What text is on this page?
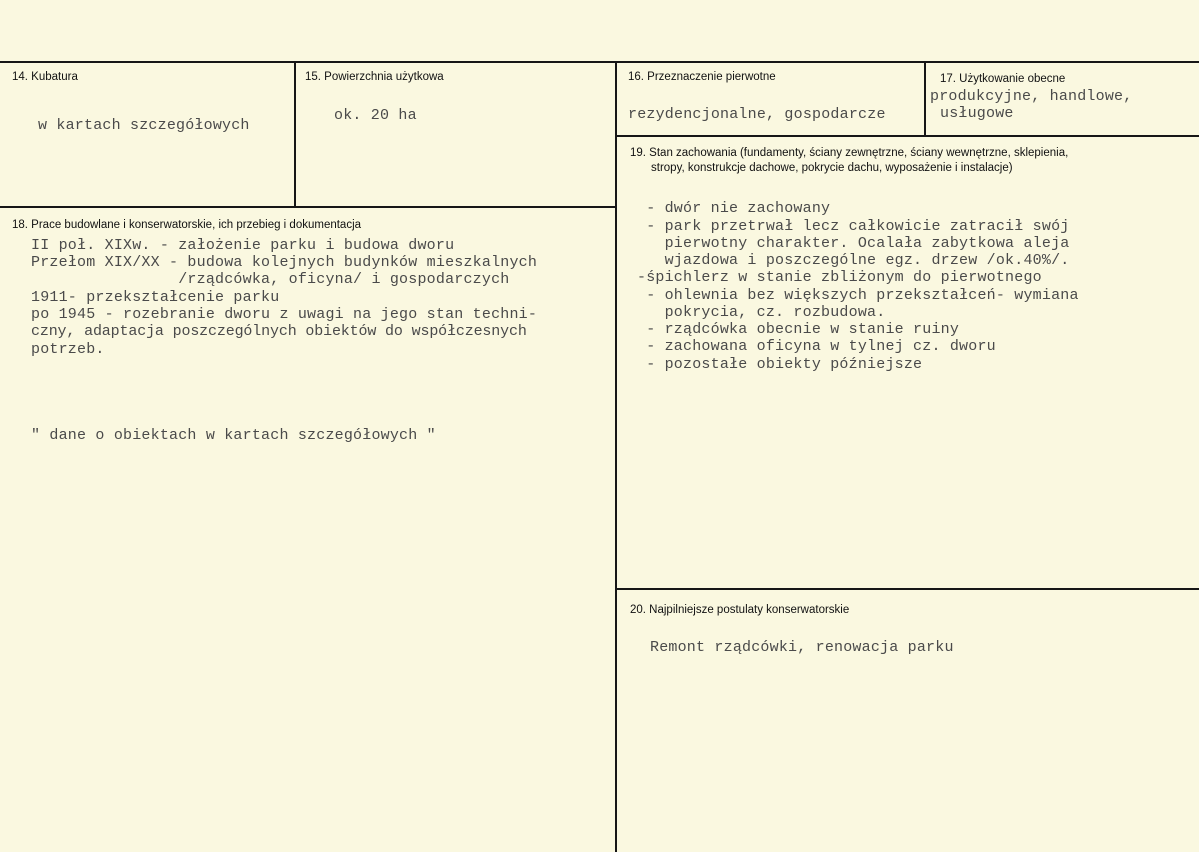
14. Kubatura
w kartach szczegółowych
15. Powierzchnia użytkowa
ok. 20 ha
16. Przeznaczenie pierwotne
rezydencjonalne, gospodarcze
17. Użytkowanie obecne
produkcyjne, handlowe,
usługowe
18. Prace budowlane i konserwatorskie, ich przebieg i dokumentacja
II poł. XIXw. - założenie parku i budowa dworu
Przełom XIX/XX - budowa kolejnych budynków mieszkalnych
/rządcówka, oficyna/ i gospodarczych
1911- przekształcenie parku
po 1945 - rozebranie dworu z uwagi na jego stan techni-
czny, adaptacja poszczególnych obiektów do współczesnych
potrzeb.
" dane o obiektach w kartach szczegółowych "
19. Stan zachowania (fundamenty, ściany zewnętrzne, ściany wewnętrzne, sklepienia,
stropy, konstrukcje dachowe, pokrycie dachu, wyposażenie i instalacje)
- dwór nie zachowany
- park przetrwał lecz całkowicie zatracił swój
pierwotny charakter. Ocalała zabytkowa aleja
wjazdowa i poszczególne egz. drzew /ok.40%/.
-śpichlerz w stanie zbliżonym do pierwotnego
- ohlewnia bez większych przekształceń- wymiana
pokrycia, cz. rozbudowa.
- rządcówka obecnie w stanie ruiny
- zachowana oficyna w tylnej cz. dworu
- pozostałe obiekty późniejsze
20. Najpilniejsze postulaty konserwatorskie
Remont rządcówki, renowacja parku
